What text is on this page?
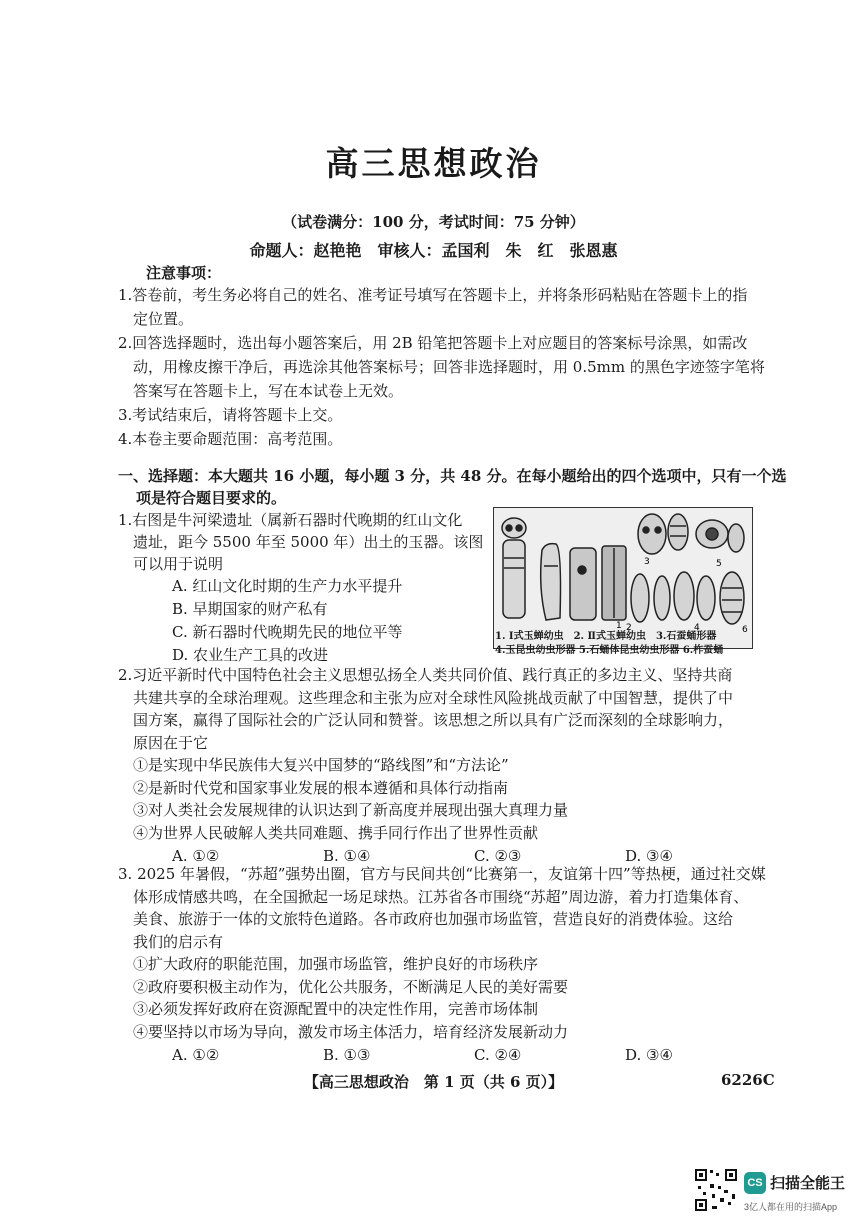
高三思想政治
（试卷满分：100 分，考试时间：75 分钟）
命题人：赵艳艳　审核人：孟国利　朱　红　张恩惠
注意事项：
1.答卷前，考生务必将自己的姓名、准考证号填写在答题卡上，并将条形码粘贴在答题卡上的指
定位置。
2.回答选择题时，选出每小题答案后，用 2B 铅笔把答题卡上对应题目的答案标号涂黑，如需改
动，用橡皮擦干净后，再选涂其他答案标号；回答非选择题时，用 0.5mm 的黑色字迹签字笔将
答案写在答题卡上，写在本试卷上无效。
3.考试结束后，请将答题卡上交。
4.本卷主要命题范围：高考范围。
一、选择题：本大题共 16 小题，每小题 3 分，共 48 分。在每小题给出的四个选项中，只有一个选
项是符合题目要求的。
1.右图是牛河梁遗址（属新石器时代晚期的红山文化
遗址，距今 5500 年至 5000 年）出土的玉器。该图
可以用于说明
A. 红山文化时期的生产力水平提升
B. 早期国家的财产私有
C. 新石器时代晚期先民的地位平等
D. 农业生产工具的改进
1
3	5
4
2	6
1. Ⅰ式玉蝉幼虫　2. Ⅱ式玉蝉幼虫　3.石蚕蛹形器
4.玉昆虫幼虫形器 5.石蛹体昆虫幼虫形器 6.柞蚕蛹
2.习近平新时代中国特色社会主义思想弘扬全人类共同价值、践行真正的多边主义、坚持共商
共建共享的全球治理观。这些理念和主张为应对全球性风险挑战贡献了中国智慧，提供了中
国方案，赢得了国际社会的广泛认同和赞誉。该思想之所以具有广泛而深刻的全球影响力，
原因在于它
①是实现中华民族伟大复兴中国梦的“路线图”和“方法论”
②是新时代党和国家事业发展的根本遵循和具体行动指南
③对人类社会发展规律的认识达到了新高度并展现出强大真理力量
④为世界人民破解人类共同难题、携手同行作出了世界性贡献
A. ①②	B. ①④	C. ②③	D. ③④
3. 2025 年暑假，“苏超”强势出圈，官方与民间共创“比赛第一，友谊第十四”等热梗，通过社交媒
体形成情感共鸣，在全国掀起一场足球热。江苏省各市围绕“苏超”周边游，着力打造集体育、
美食、旅游于一体的文旅特色道路。各市政府也加强市场监管，营造良好的消费体验。这给
我们的启示有
①扩大政府的职能范围，加强市场监管，维护良好的市场秩序
②政府要积极主动作为，优化公共服务，不断满足人民的美好需要
③必须发挥好政府在资源配置中的决定性作用，完善市场体制
④要坚持以市场为导向，激发市场主体活力，培育经济发展新动力
A. ①②	B. ①③	C. ②④	D. ③④
【高三思想政治　第 1 页（共 6 页）】	6226C
CS 扫描全能王
3亿人都在用的扫描App
